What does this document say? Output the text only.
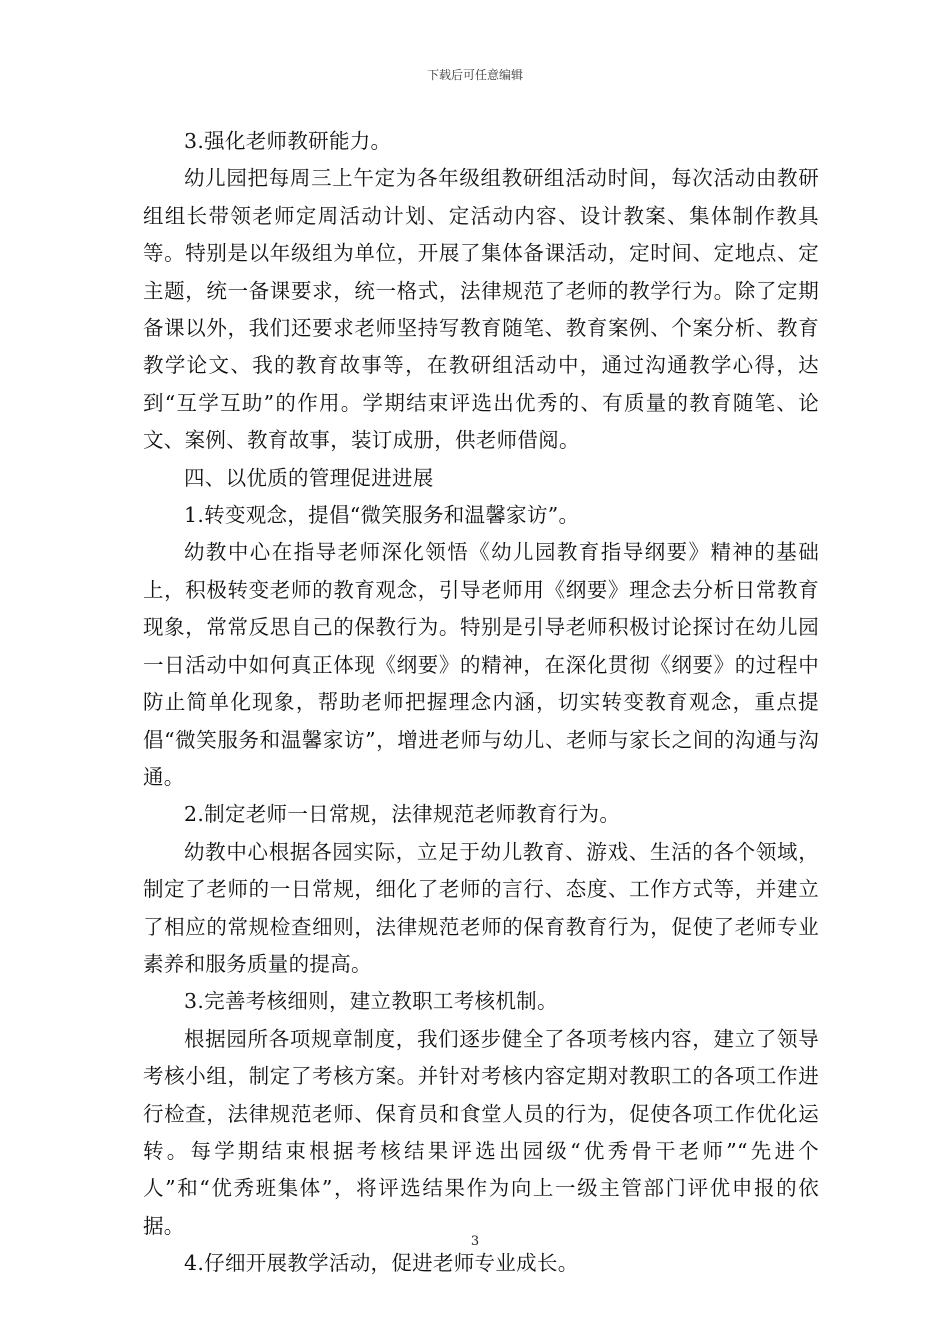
下载后可任意编辑

3.强化老师教研能力。

幼儿园把每周三上午定为各年级组教研组活动时间，每次活动由教研组组长带领老师定周活动计划、定活动内容、设计教案、集体制作教具等。特别是以年级组为单位，开展了集体备课活动，定时间、定地点、定主题，统一备课要求，统一格式，法律规范了老师的教学行为。除了定期备课以外，我们还要求老师坚持写教育随笔、教育案例、个案分析、教育教学论文、我的教育故事等，在教研组活动中，通过沟通教学心得，达到“互学互助”的作用。学期结束评选出优秀的、有质量的教育随笔、论文、案例、教育故事，装订成册，供老师借阅。

四、以优质的管理促进进展

1.转变观念，提倡“微笑服务和温馨家访”。

幼教中心在指导老师深化领悟《幼儿园教育指导纲要》精神的基础上，积极转变老师的教育观念，引导老师用《纲要》理念去分析日常教育现象，常常反思自己的保教行为。特别是引导老师积极讨论探讨在幼儿园一日活动中如何真正体现《纲要》的精神，在深化贯彻《纲要》的过程中防止简单化现象，帮助老师把握理念内涵，切实转变教育观念，重点提倡“微笑服务和温馨家访”，增进老师与幼儿、老师与家长之间的沟通与沟通。

2.制定老师一日常规，法律规范老师教育行为。

幼教中心根据各园实际，立足于幼儿教育、游戏、生活的各个领域，制定了老师的一日常规，细化了老师的言行、态度、工作方式等，并建立了相应的常规检查细则，法律规范老师的保育教育行为，促使了老师专业素养和服务质量的提高。

3.完善考核细则，建立教职工考核机制。

根据园所各项规章制度，我们逐步健全了各项考核内容，建立了领导考核小组，制定了考核方案。并针对考核内容定期对教职工的各项工作进行检查，法律规范老师、保育员和食堂人员的行为，促使各项工作优化运转。每学期结束根据考核结果评选出园级“优秀骨干老师”“先进个人”和“优秀班集体”，将评选结果作为向上一级主管部门评优申报的依据。

4.仔细开展教学活动，促进老师专业成长。

3
